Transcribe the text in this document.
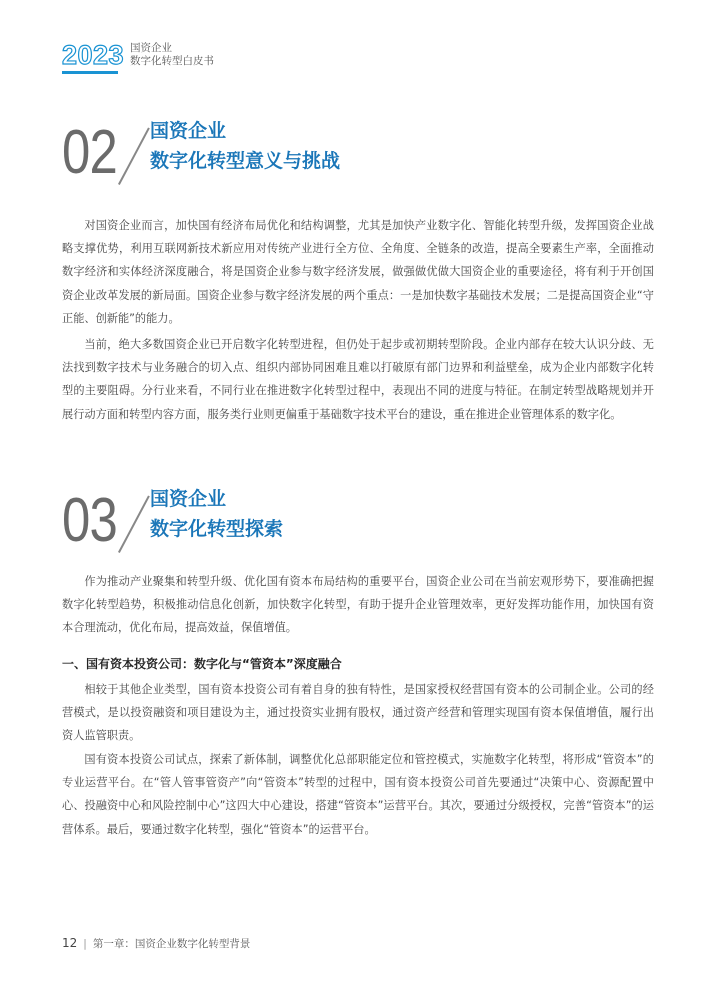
2023 国资企业
数字化转型白皮书
02 国资企业
数字化转型意义与挑战

对国资企业而言，加快国有经济布局优化和结构调整，尤其是加快产业数字化、智能化转型升级，发挥国资企业战略支撑优势，利用互联网新技术新应用对传统产业进行全方位、全角度、全链条的改造，提高全要素生产率，全面推动数字经济和实体经济深度融合，将是国资企业参与数字经济发展，做强做优做大国资企业的重要途径，将有利于开创国资企业改革发展的新局面。国资企业参与数字经济发展的两个重点：一是加快数字基础技术发展；二是提高国资企业“守正能、创新能”的能力。

当前，绝大多数国资企业已开启数字化转型进程，但仍处于起步或初期转型阶段。企业内部存在较大认识分歧、无法找到数字技术与业务融合的切入点、组织内部协同困难且难以打破原有部门边界和利益壁垒，成为企业内部数字化转型的主要阻碍。分行业来看，不同行业在推进数字化转型过程中，表现出不同的进度与特征。在制定转型战略规划并开展行动方面和转型内容方面，服务类行业则更偏重于基础数字技术平台的建设，重在推进企业管理体系的数字化。

03 国资企业
数字化转型探索

作为推动产业聚集和转型升级、优化国有资本布局结构的重要平台，国资企业公司在当前宏观形势下，要准确把握数字化转型趋势，积极推动信息化创新，加快数字化转型，有助于提升企业管理效率，更好发挥功能作用，加快国有资本合理流动，优化布局，提高效益，保值增值。

一、国有资本投资公司：数字化与“管资本”深度融合

相较于其他企业类型，国有资本投资公司有着自身的独有特性，是国家授权经营国有资本的公司制企业。公司的经营模式，是以投资融资和项目建设为主，通过投资实业拥有股权，通过资产经营和管理实现国有资本保值增值，履行出资人监管职责。

国有资本投资公司试点，探索了新体制，调整优化总部职能定位和管控模式，实施数字化转型，将形成“管资本”的专业运营平台。在“管人管事管资产”向“管资本”转型的过程中，国有资本投资公司首先要通过“决策中心、资源配置中心、投融资中心和风险控制中心”这四大中心建设，搭建“管资本”运营平台。其次，要通过分级授权，完善“管资本”的运营体系。最后，要通过数字化转型，强化“管资本”的运营平台。

12 | 第一章：国资企业数字化转型背景
